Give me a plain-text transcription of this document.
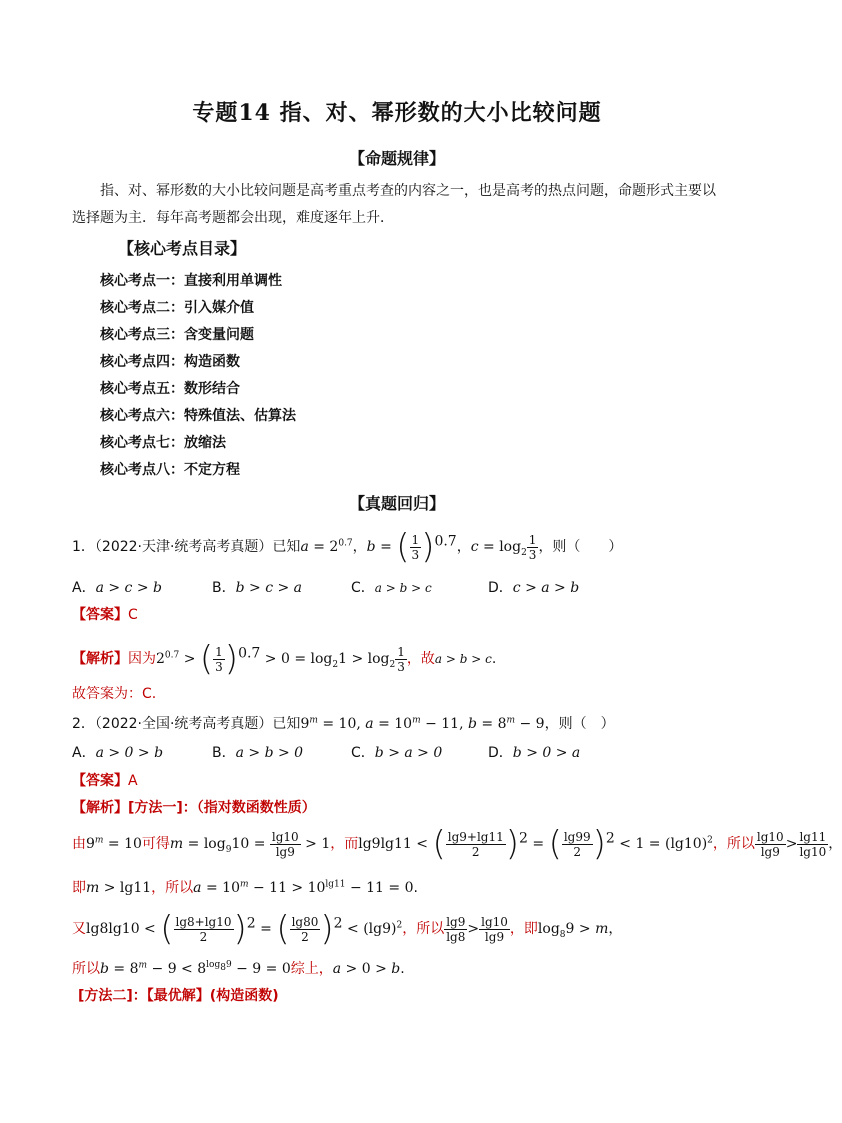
专题14 指、对、幂形数的大小比较问题
【命题规律】
指、对、幂形数的大小比较问题是高考重点考查的内容之一，也是高考的热点问题，命题形式主要以选择题为主．每年高考题都会出现，难度逐年上升．
【核心考点目录】
核心考点一：直接利用单调性
核心考点二：引入媒介值
核心考点三：含变量问题
核心考点四：构造函数
核心考点五：数形结合
核心考点六：特殊值法、估算法
核心考点七：放缩法
核心考点八：不定方程
【真题回归】
1．（2022·天津·统考高考真题）已知$a = 2^{0.7}$，b = ( $\frac{1}{3} )^{0.7}$，$c = \log_2 \frac{1}{3}$ ，则（　　）
A．a > c > b	B．b > c > a	C．a > b > c	D．c > a > b
【答案】C
【解析】因为$2^{0.7}$ > ( $\frac{1}{3} )^{0.7} > 0 = \log_21 > \log_2 \frac{1}{3}$ ，故a > b > c.
故答案为：C.
2．（2022·全国·统考高考真题）已知$9^m = 10$, $a = 10^m - 11$, $b = 8^m - 9$，则（　）
A．a > 0 > b	B．a > b > 0	C．b > a > 0	D．b > 0 > a
【答案】A
【解析】[方法一]：（指对数函数性质）
由$9^m = 10$可得$m = \log_910 = \frac{\lg 10}{\lg 9} > 1$，而lg9lg11 < ( $\frac{\lg 9+\lg 11}{2} )^2$ = ( $\frac{\lg 99}{2} )^2 < 1 = (\lg 10)^2$，所以 $\frac{\lg 10}{\lg 9} > \frac{\lg 11}{\lg 10}$ ，
即m > lg11，所以$a = 10^m - 11 > 10^{lg11} - 11 = 0$.
又lg8lg10 < ( $\frac{\lg 8+\lg 10}{2} )^2$ = ( $\frac{\lg 80}{2} )^2 < (\lg 9)^2$，所以 $\frac{\lg 9}{\lg 8} > \frac{\lg 10}{\lg 9}$ ，即$\log_89 > m$，
所以$b = 8^m - 9 < 8^{log_89} - 9 = 0$综上，a > 0 > b.
[方法二]：【最优解】(构造函数)
